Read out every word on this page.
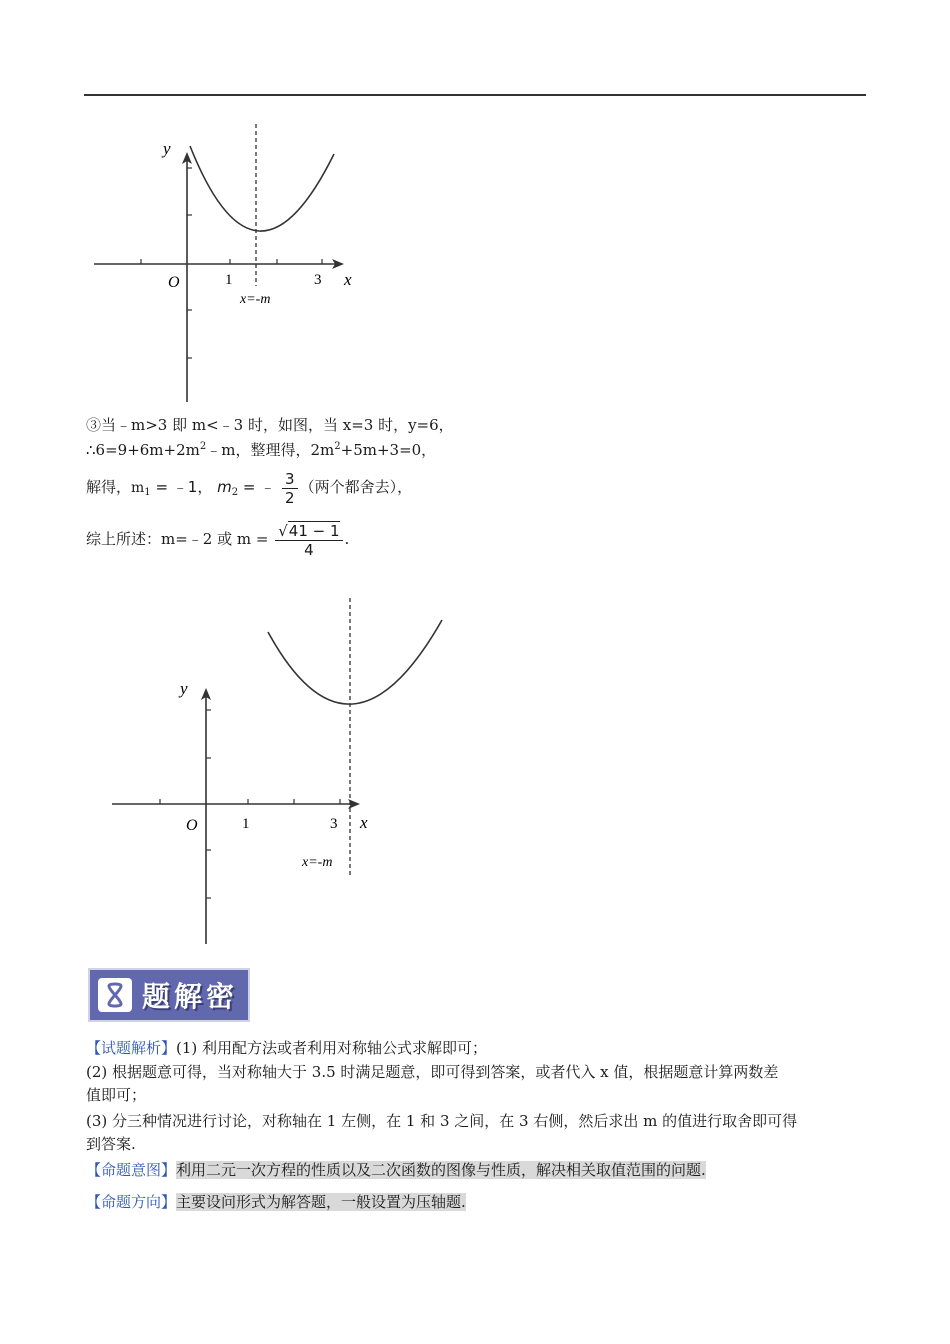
y
x
O	1	3
x=-m
③当﹣m>3 即 m<﹣3 时，如图，当 x=3 时，y=6，
$\therefore 6=9+6m+2m^2﹣m$，整理得，$2m^2+5m+3=0$，
解得，$m_1$ = ﹣1， $m_2$ = ﹣ $\frac{3}{2}$ （两个都舍去），
综上所述：m=﹣2 或 $m = \frac{√41 - 1}{4}$ .
y
x
O	1	3
x=-m
题解密
【试题解析】(1) 利用配方法或者利用对称轴公式求解即可；
(2) 根据题意可得，当对称轴大于 3.5 时满足题意，即可得到答案，或者代入 x 值，根据题意计算两数差
值即可；
(3) 分三种情况进行讨论，对称轴在 1 左侧，在 1 和 3 之间，在 3 右侧，然后求出 m 的值进行取舍即可得
到答案.
【命题意图】利用二元一次方程的性质以及二次函数的图像与性质，解决相关取值范围的问题.
【命题方向】主要设问形式为解答题，一般设置为压轴题.
